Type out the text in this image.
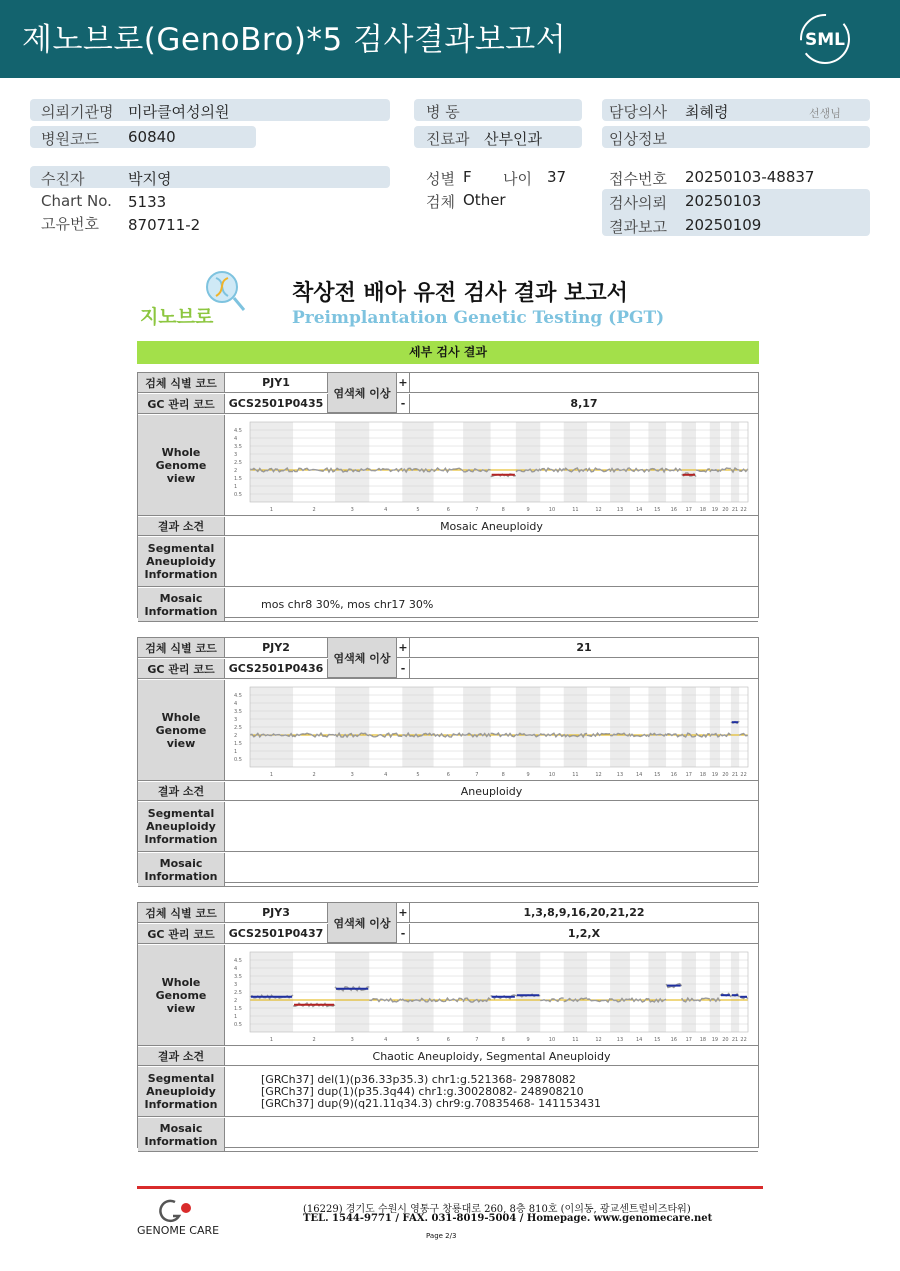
제노브로(GenoBro)*5 검사결과보고서	SML
의뢰기관명 미라클여성의원
병원코드 60840
병 동
진료과 산부인과
담당의사 최혜령	선생님
임상정보
수진자	박지영
Chart No. 5133
고유번호 870711-2
성별 F 나이 37
검체 Other
접수번호 20250103-48837
검사의뢰 20250103
결과보고 20250109
지노브로
착상전 배아 유전 검사 결과 보고서
Preimplantation Genetic Testing (PGT)
세부 검사 결과
검체 식별 코드	PJY1
염색체 이상
+
GC 관리 코드	GCS2501P0435	-	8,17
Whole Genome view
1	2	3	4	5	6	7	8	9	10	11	12	13	14 15 16 17 18 19 20 21 22
4.5
4
3.5
3
2.5
2
1.5
1
0.5
결과 소견	Mosaic Aneuploidy
Segmental Aneuploidy Information
Mosaic Information	mos chr8 30%, mos chr17 30%
검체 식별 코드	PJY2
염색체 이상
+	21
GC 관리 코드	GCS2501P0436	-
Whole Genome view
1	2	3	4	5	6	7	8	9	10	11	12	13	14 15 16 17 18 19 20 21 22
4.5
4
3.5
3
2.5
2
1.5
1
0.5
결과 소견	Aneuploidy
Segmental Aneuploidy Information
Mosaic Information
검체 식별 코드	PJY3
염색체 이상
+	1,3,8,9,16,20,21,22
GC 관리 코드	GCS2501P0437	-	1,2,X
Whole Genome view
1	2	3	4	5	6	7	8	9	10	11	12	13	14 15 16 17 18 19 20 21 22
4.5
4
3.5
3
2.5
2
1.5
1
0.5
결과 소견	Chaotic Aneuploidy, Segmental Aneuploidy
Segmental Aneuploidy Information
[GRCh37] del(1)(p36.33p35.3) chr1:g.521368- 29878082
[GRCh37] dup(1)(p35.3q44) chr1:g.30028082- 248908210
[GRCh37] dup(9)(q21.11q34.3) chr9:g.70835468- 141153431
Mosaic Information
GENOME CARE
(16229) 경기도 수원시 영통구 창룡대로 260, 8층 810호 (이의동, 광교센트럴비즈타워)
TEL. 1544-9771 / FAX. 031-8019-5004 / Homepage. www.genomecare.net
Page 2/3
